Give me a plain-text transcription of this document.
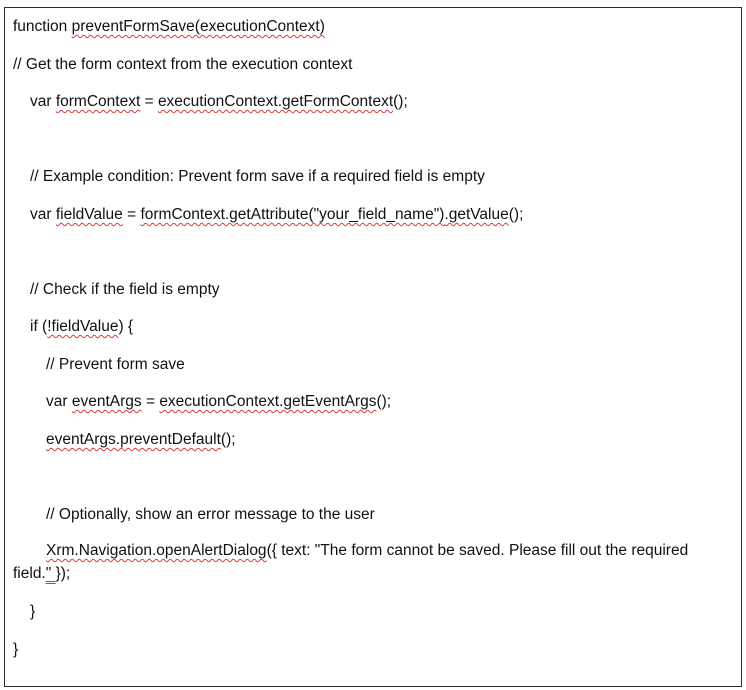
function preventFormSave(executionContext)
// Get the form context from the execution context
var formContext = executionContext.getFormContext();
// Example condition: Prevent form save if a required field is empty
var fieldValue = formContext.getAttribute("your_field_name").getValue();
// Check if the field is empty
if (!fieldValue) {
// Prevent form save
var eventArgs = executionContext.getEventArgs();
eventArgs.preventDefault();
// Optionally, show an error message to the user
Xrm.Navigation.openAlertDialog({ text: "The form cannot be saved. Please fill out the required field." });
}
}
